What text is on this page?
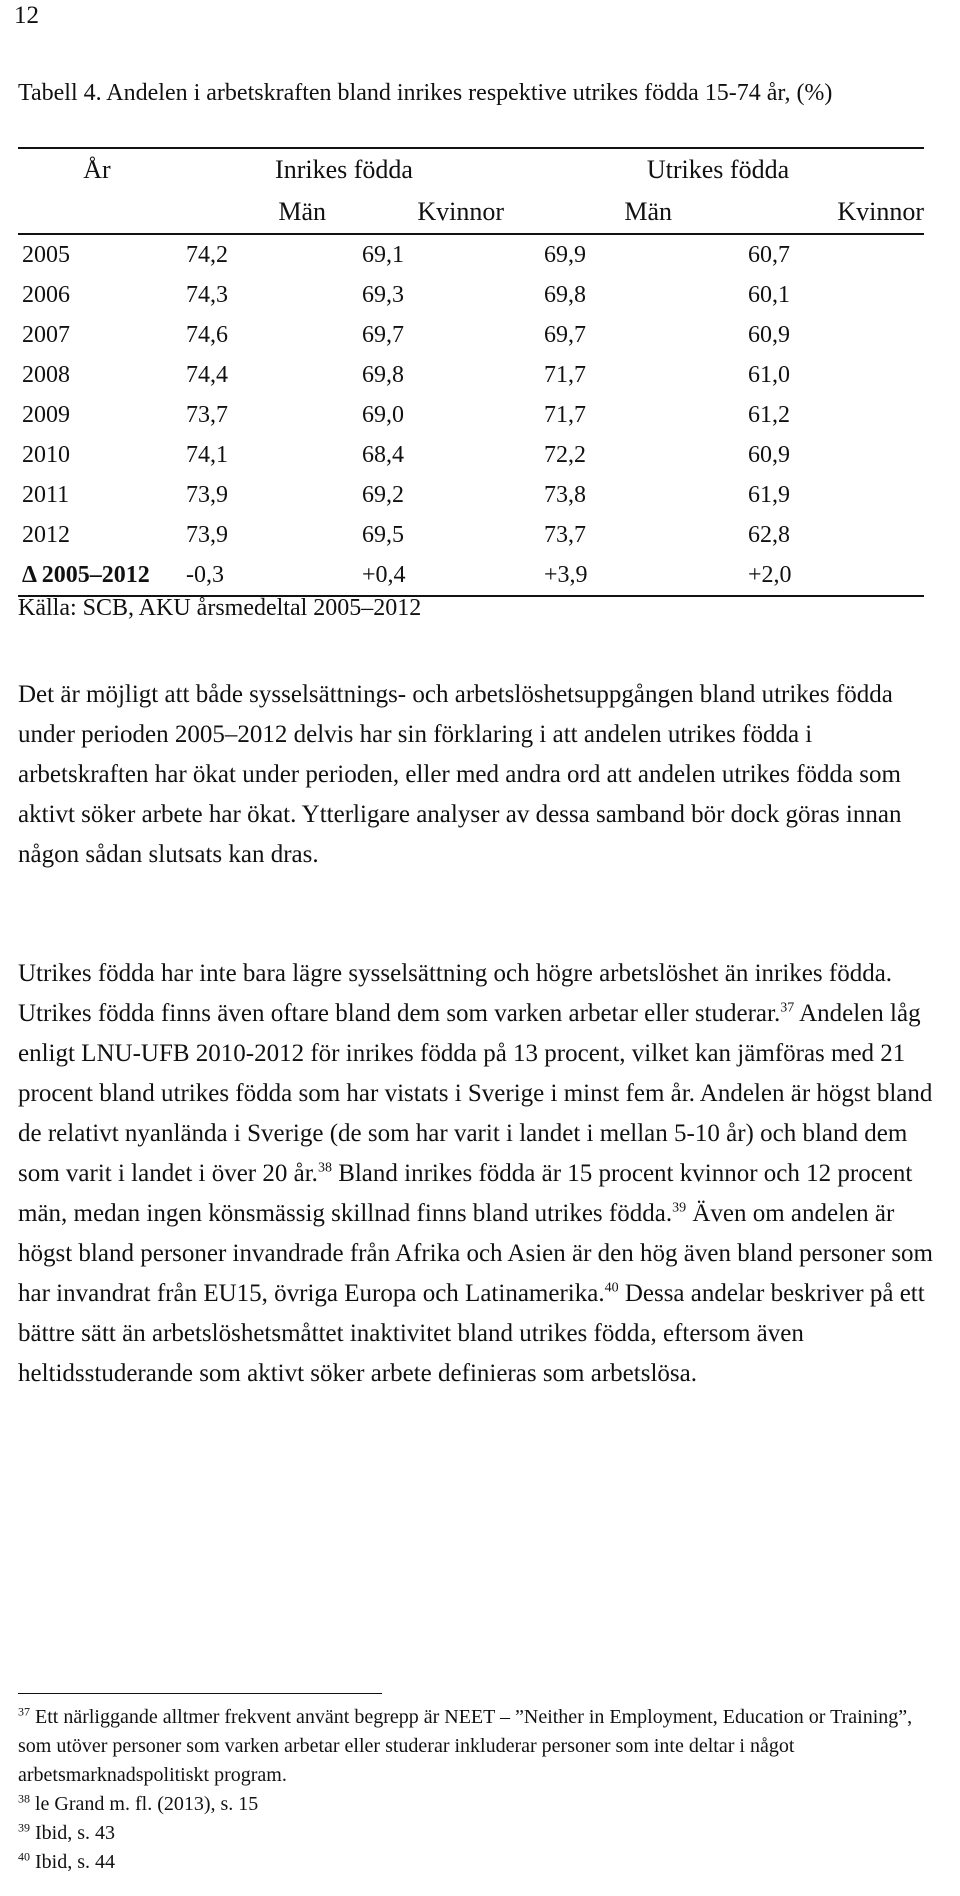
12
Tabell 4. Andelen i arbetskraften bland inrikes respektive utrikes födda 15-74 år, (%)
År	Inrikes födda		Utrikes födda	
	Män	Kvinnor	Män	Kvinnor
2005	74,2	69,1	69,9	60,7
2006	74,3	69,3	69,8	60,1
2007	74,6	69,7	69,7	60,9
2008	74,4	69,8	71,7	61,0
2009	73,7	69,0	71,7	61,2
2010	74,1	68,4	72,2	60,9
2011	73,9	69,2	73,8	61,9
2012	73,9	69,5	73,7	62,8
Δ 2005–2012	-0,3	+0,4	+3,9	+2,0
Källa: SCB, AKU årsmedeltal 2005–2012

Det är möjligt att både sysselsättnings- och arbetslöshetsuppgången bland utrikes födda under perioden 2005–2012 delvis har sin förklaring i att andelen utrikes födda i arbetskraften har ökat under perioden, eller med andra ord att andelen utrikes födda som aktivt söker arbete har ökat. Ytterligare analyser av dessa samband bör dock göras innan någon sådan slutsats kan dras.

Utrikes födda har inte bara lägre sysselsättning och högre arbetslöshet än inrikes födda. Utrikes födda finns även oftare bland dem som varken arbetar eller studerar.$^{37}$ Andelen låg enligt LNU-UFB 2010-2012 för inrikes födda på 13 procent, vilket kan jämföras med 21 procent bland utrikes födda som har vistats i Sverige i minst fem år. Andelen är högst bland de relativt nyanlända i Sverige (de som har varit i landet i mellan 5-10 år) och bland dem som varit i landet i över 20 år.$^{38}$ Bland inrikes födda är 15 procent kvinnor och 12 procent män, medan ingen könsmässig skillnad finns bland utrikes födda.$^{39}$ Även om andelen är högst bland personer invandrade från Afrika och Asien är den hög även bland personer som har invandrat från EU15, övriga Europa och Latinamerika.$^{40}$ Dessa andelar beskriver på ett bättre sätt än arbetslöshetsmåttet inaktivitet bland utrikes födda, eftersom även heltidsstuderande som aktivt söker arbete definieras som arbetslösa.

$^{37}$ Ett närliggande alltmer frekvent använt begrepp är NEET – ”Neither in Employment, Education or Training”, som utöver personer som varken arbetar eller studerar inkluderar personer som inte deltar i något arbetsmarknadspolitiskt program.
$^{38}$ le Grand m. fl. (2013), s. 15
$^{39}$ Ibid, s. 43
$^{40}$ Ibid, s. 44
